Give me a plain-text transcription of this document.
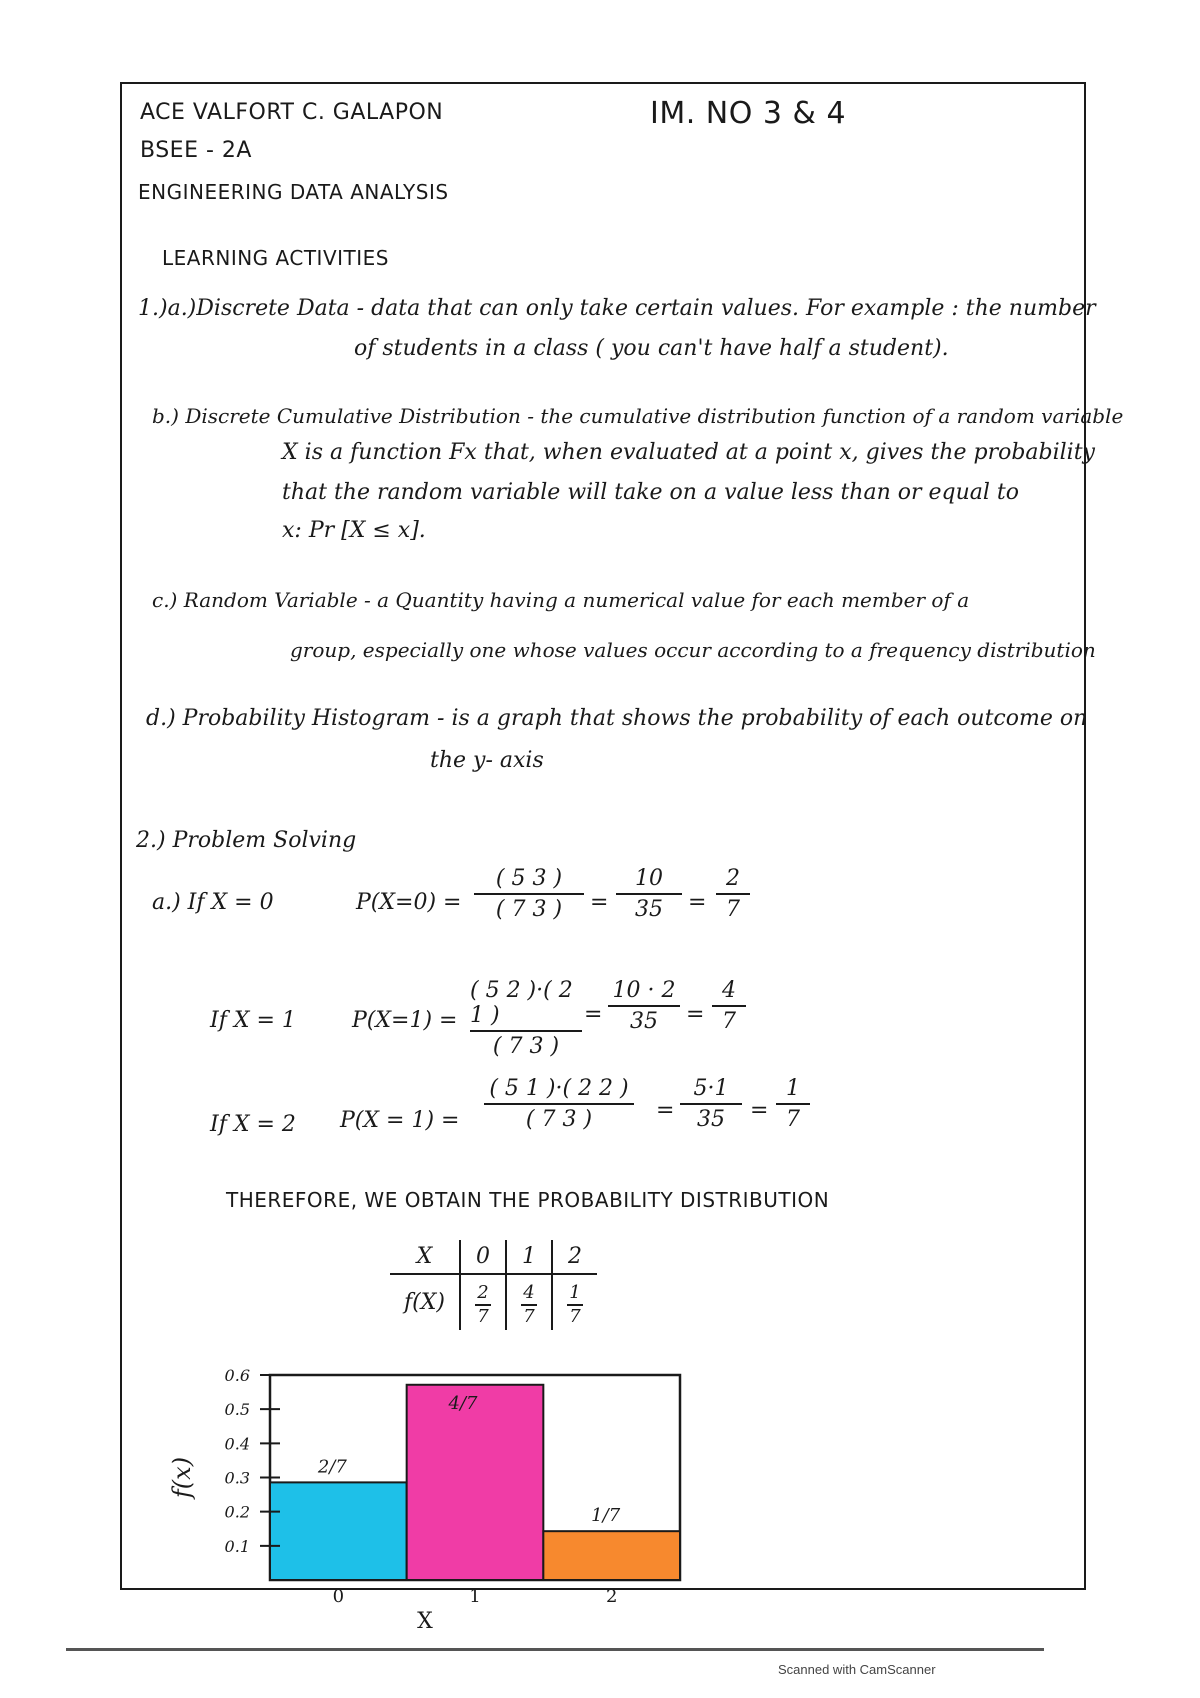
ACE VALFORT C. GALAPON
BSEE - 2A
ENGINEERING DATA ANALYSIS
IM. NO 3 & 4
LEARNING ACTIVITIES
1.)a.)Discrete Data - data that can only take certain values. For example : the number
of students in a class ( you can't have half a student).
b.) Discrete Cumulative Distribution - the cumulative distribution function of a random variable
X is a function Fx that, when evaluated at a point x, gives the probability
that the random variable will take on a value less than or equal to
x: Pr [X ≤ x].
c.) Random Variable - a Quantity having a numerical value for each member of a
group, especially one whose values occur according to a frequency distribution
d.) Probability Histogram - is a graph that shows the probability of each outcome on
the y- axis
2.) Problem Solving
a.) If X = 0	P(X=0) =
( 5 3 )
( 7 3 ) =
10
35 =
2
7
If X = 1	P(X=1) =
( 5 2 )·( 2 1 )
( 7 3 )
=
10 · 2
35 =
4
7
If X = 2 P(X = 1) =
( 5 1 )·( 2 2 )
( 7 3 )	=
5·1
35 =
1
7
THEREFORE, WE OBTAIN THE PROBABILITY DISTRIBUTION
X	0	1	2
f(X)	$\frac{2}{7}$	$\frac{4}{7}$	$\frac{1}{7}$
2/7
0
4/7
1
1/7
2
0.1
0.2
0.3
0.4
0.5
0.6
X
f(x)
Scanned with CamScanner
